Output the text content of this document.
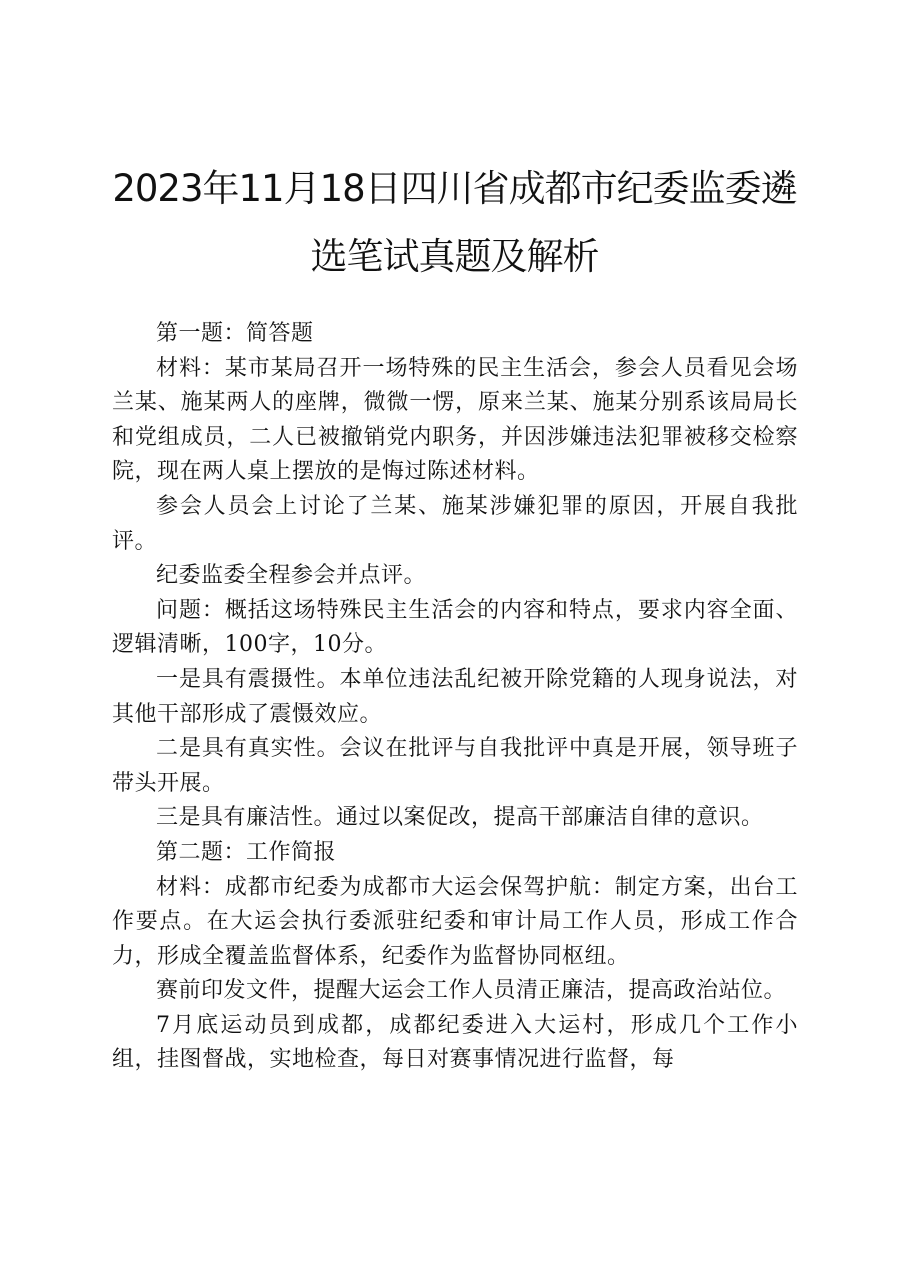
2023年11月18日四川省成都市纪委监委遴
选笔试真题及解析

第一题：简答题

材料：某市某局召开一场特殊的民主生活会，参会人员看见会场兰某、施某两人的座牌，微微一愣，原来兰某、施某分别系该局局长和党组成员，二人已被撤销党内职务，并因涉嫌违法犯罪被移交检察院，现在两人桌上摆放的是悔过陈述材料。

参会人员会上讨论了兰某、施某涉嫌犯罪的原因，开展自我批评。

纪委监委全程参会并点评。

问题：概括这场特殊民主生活会的内容和特点，要求内容全面、逻辑清晰，100字，10分。

一是具有震摄性。本单位违法乱纪被开除党籍的人现身说法，对其他干部形成了震慑效应。

二是具有真实性。会议在批评与自我批评中真是开展，领导班子带头开展。

三是具有廉洁性。通过以案促改，提高干部廉洁自律的意识。

第二题：工作简报

材料：成都市纪委为成都市大运会保驾护航：制定方案，出台工作要点。在大运会执行委派驻纪委和审计局工作人员，形成工作合力，形成全覆盖监督体系，纪委作为监督协同枢纽。

赛前印发文件，提醒大运会工作人员清正廉洁，提高政治站位。

7月底运动员到成都，成都纪委进入大运村，形成几个工作小组，挂图督战，实地检查，每日对赛事情况进行监督，每
